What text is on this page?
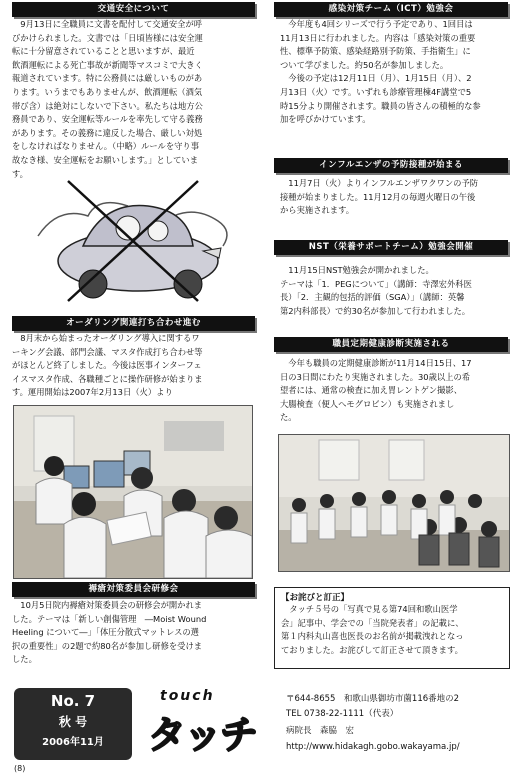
交通安全について

　9月13日に全職員に文書を配付して交通安全が呼
びかけられました。文書では「日頃皆様には安全運
転に十分留意されていることと思いますが、最近
飲酒運転による死亡事故が新聞等マスコミで大きく
報道されています。特に公務員には厳しいものがあ
ります。いうまでもありませんが、飲酒運転（酒気
帯び含）は絶対にしないで下さい。私たちは地方公
務員であり、安全運転等ルールを率先して守る義務
があります。その義務に違反した場合、厳しい対処
をしなければなりません。（中略）ルールを守り事
故なき様、安全運転をお願いします。」としていま
す。

オーダリング関連打ち合わせ進む

　8月末から始まったオーダリング導入に関するワ
ーキング会議、部門会議、マスタ作成打ち合わせ等
がほとんど終了しました。今後は医事インターフェ
イスマスタ作成、各職種ごとに操作研修が始まりま
す。運用開始は2007年2月13日（火）より

褥瘡対策委員会研修会

　10月5日院内褥瘡対策委員会の研修会が開かれま
した。テーマは「新しい創傷管理　―Moist Wound
Heeling について―」「体圧分散式マットレスの選
択の重要性」の2題で約80名が参加し研修を受けま
した。

感染対策チーム（ICT）勉強会

　今年度も4回シリーズで行う予定であり、1回目は
11月13日に行われました。内容は「感染対策の重要
性、標準予防策、感染経路別予防策、手指衛生」に
ついて学びました。約50名が参加しました。
　今後の予定は12月11日（月）、1月15日（月）、2
月13日（火）です。いずれも診療管理棟4F講堂で5
時15分より開催されます。職員の皆さんの積極的な参
加を呼びかけています。

インフルエンザの予防接種が始まる

　11月7日（火）よりインフルエンザワクワンの予防
接種が始まりました。11月12月の毎週火曜日の午後
から実施されます。

NST（栄養サポートチーム）勉強会開催

　11月15日NST勉強会が開かれました。
テーマは「1．PEGについて」（講師：寺澤宏外科医
長）「2．主観的包括的評価（SGA）」（講師：英馨
第2内科部長）で約30名が参加して行われました。

職員定期健康診断実施される

　今年も職員の定期健康診断が11月14日15日、17
日の3日間にわたり実施されました。30歳以上の希
望者には、通常の検査に加え胃レントゲン撮影、
大腸検査（便人へモグロビン）も実施されまし
た。

【お詫びと訂正】

　タッチ５号の「写真で見る第74回和歌山医学
会」記事中、学会での「当院発表者」の記載に、
第１内科丸山喜也医長のお名前が掲載洩れとなっ
ておりました。お詫びして訂正させて頂きます。

No. 7
秋 号
2006年11月
touch
タッチ
〒644-8655　和歌山県御坊市薗116番地の2
TEL 0738-22-1111（代表）
病院長　森脇　宏
http://www.hidakagh.gobo.wakayama.jp/
(8)
